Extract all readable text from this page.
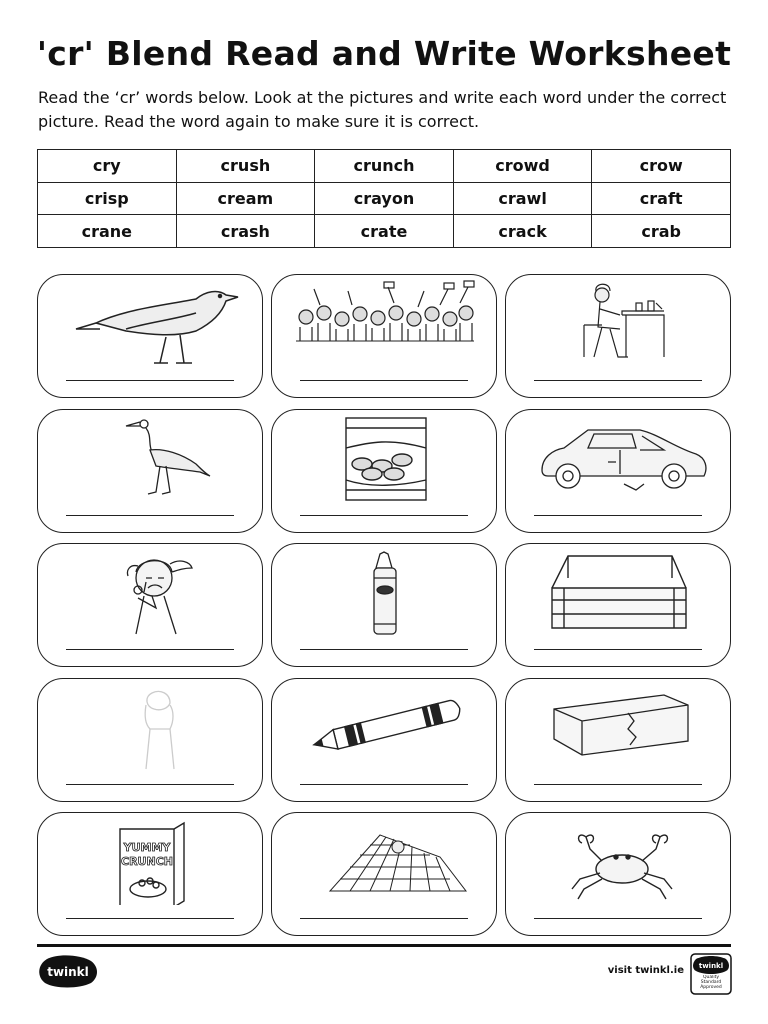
'cr' Blend Read and Write Worksheet
Read the ‘cr’ words below. Look at the pictures and write each word under the correct picture. Read the word again to make sure it is correct.
cry	crush	crunch	crowd	crow
crisp	cream	crayon	crawl	craft
crane	crash	crate	crack	crab
YUMMY
CRUNCH
twinkl	visit twinkl.ie twinkl
Quality Standard Approved
